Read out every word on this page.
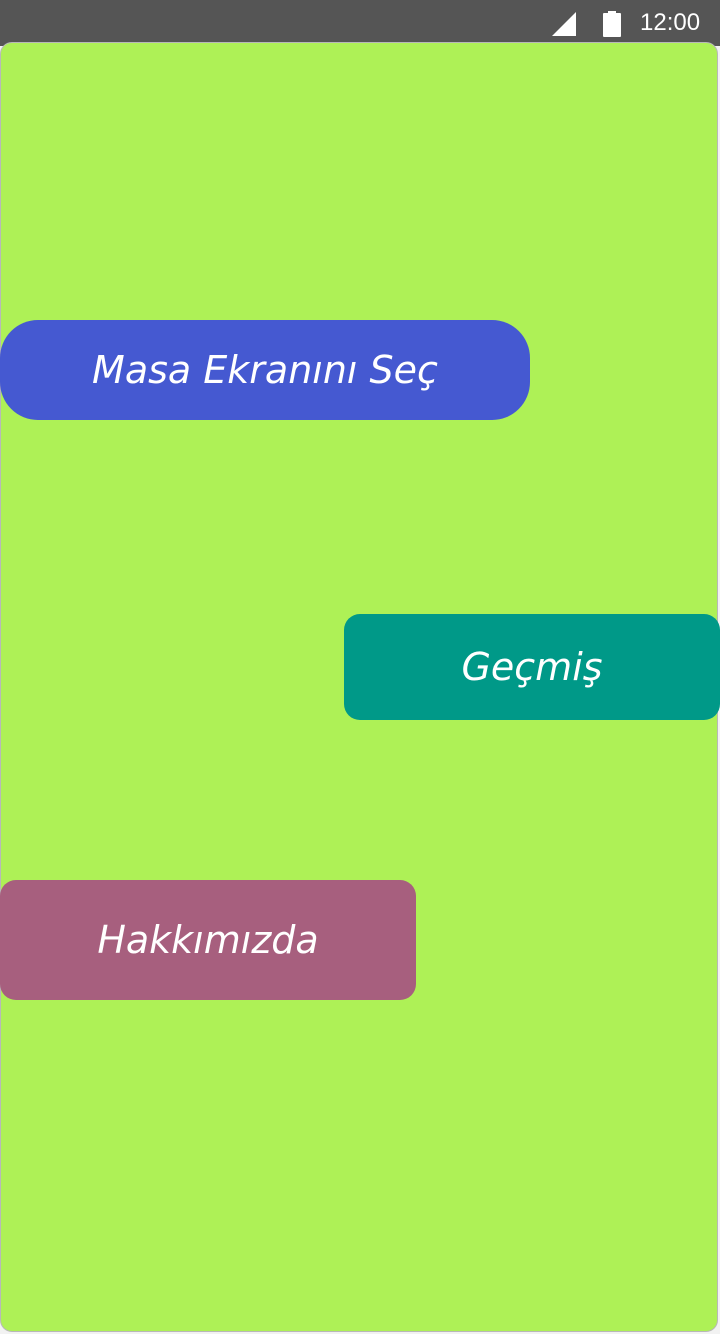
12:00
Masa Ekranını Seç
Geçmiş
Hakkımızda
